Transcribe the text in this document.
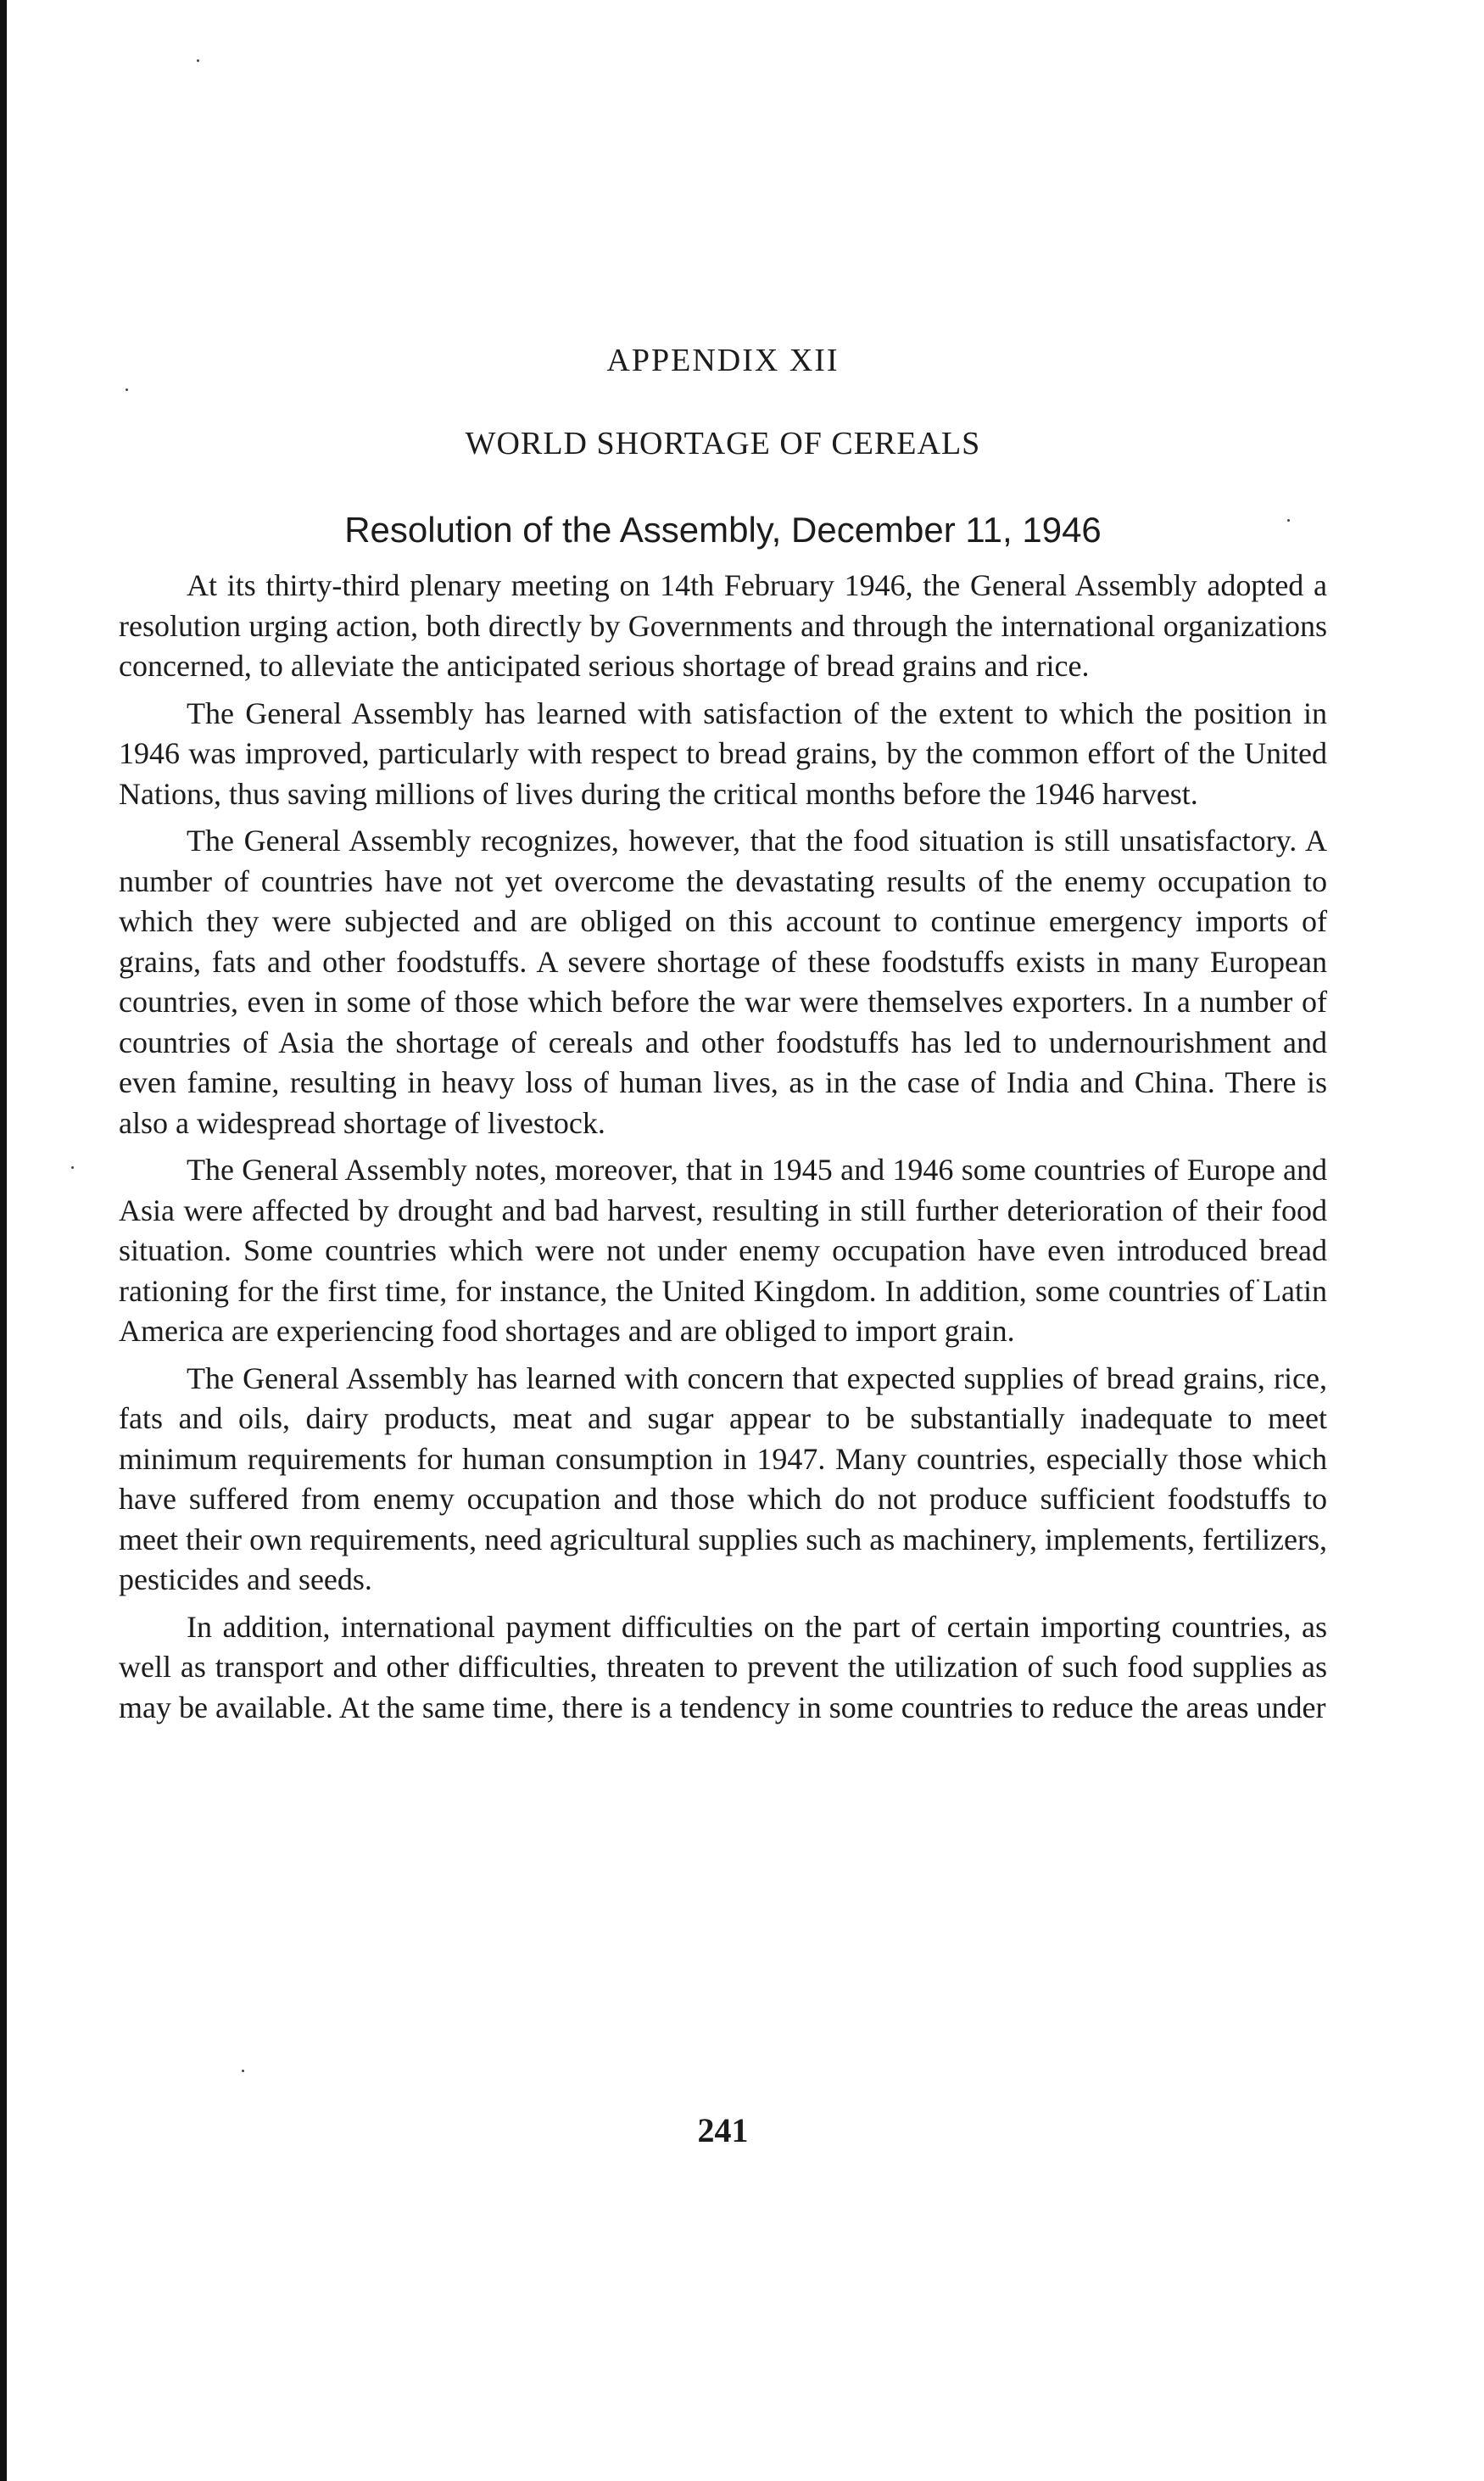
APPENDIX XII
WORLD SHORTAGE OF CEREALS
Resolution of the Assembly, December 11, 1946

At its thirty-third plenary meeting on 14th February 1946, the General Assembly adopted a resolution urging action, both directly by Governments and through the international organizations concerned, to alleviate the anticipated serious shortage of bread grains and rice.

The General Assembly has learned with satisfaction of the extent to which the position in 1946 was improved, particularly with respect to bread grains, by the common effort of the United Nations, thus saving millions of lives during the critical months before the 1946 harvest.

The General Assembly recognizes, however, that the food situation is still unsatisfactory. A number of countries have not yet overcome the devastating results of the enemy occupation to which they were subjected and are obliged on this account to continue emergency imports of grains, fats and other foodstuffs. A severe shortage of these foodstuffs exists in many European countries, even in some of those which before the war were themselves exporters. In a number of countries of Asia the shortage of cereals and other foodstuffs has led to undernourishment and even famine, resulting in heavy loss of human lives, as in the case of India and China. There is also a widespread shortage of livestock.

The General Assembly notes, moreover, that in 1945 and 1946 some countries of Europe and Asia were affected by drought and bad harvest, resulting in still further deterioration of their food situation. Some countries which were not under enemy occupation have even introduced bread rationing for the first time, for instance, the United Kingdom. In addition, some countries of Latin America are experiencing food shortages and are obliged to import grain.

The General Assembly has learned with concern that expected supplies of bread grains, rice, fats and oils, dairy products, meat and sugar appear to be substantially inadequate to meet minimum requirements for human consumption in 1947. Many countries, especially those which have suffered from enemy occupation and those which do not produce sufficient foodstuffs to meet their own requirements, need agricultural supplies such as machinery, implements, fertilizers, pesticides and seeds.

In addition, international payment difficulties on the part of certain importing countries, as well as transport and other difficulties, threaten to prevent the utilization of such food supplies as may be available. At the same time, there is a tendency in some countries to reduce the areas under

241
